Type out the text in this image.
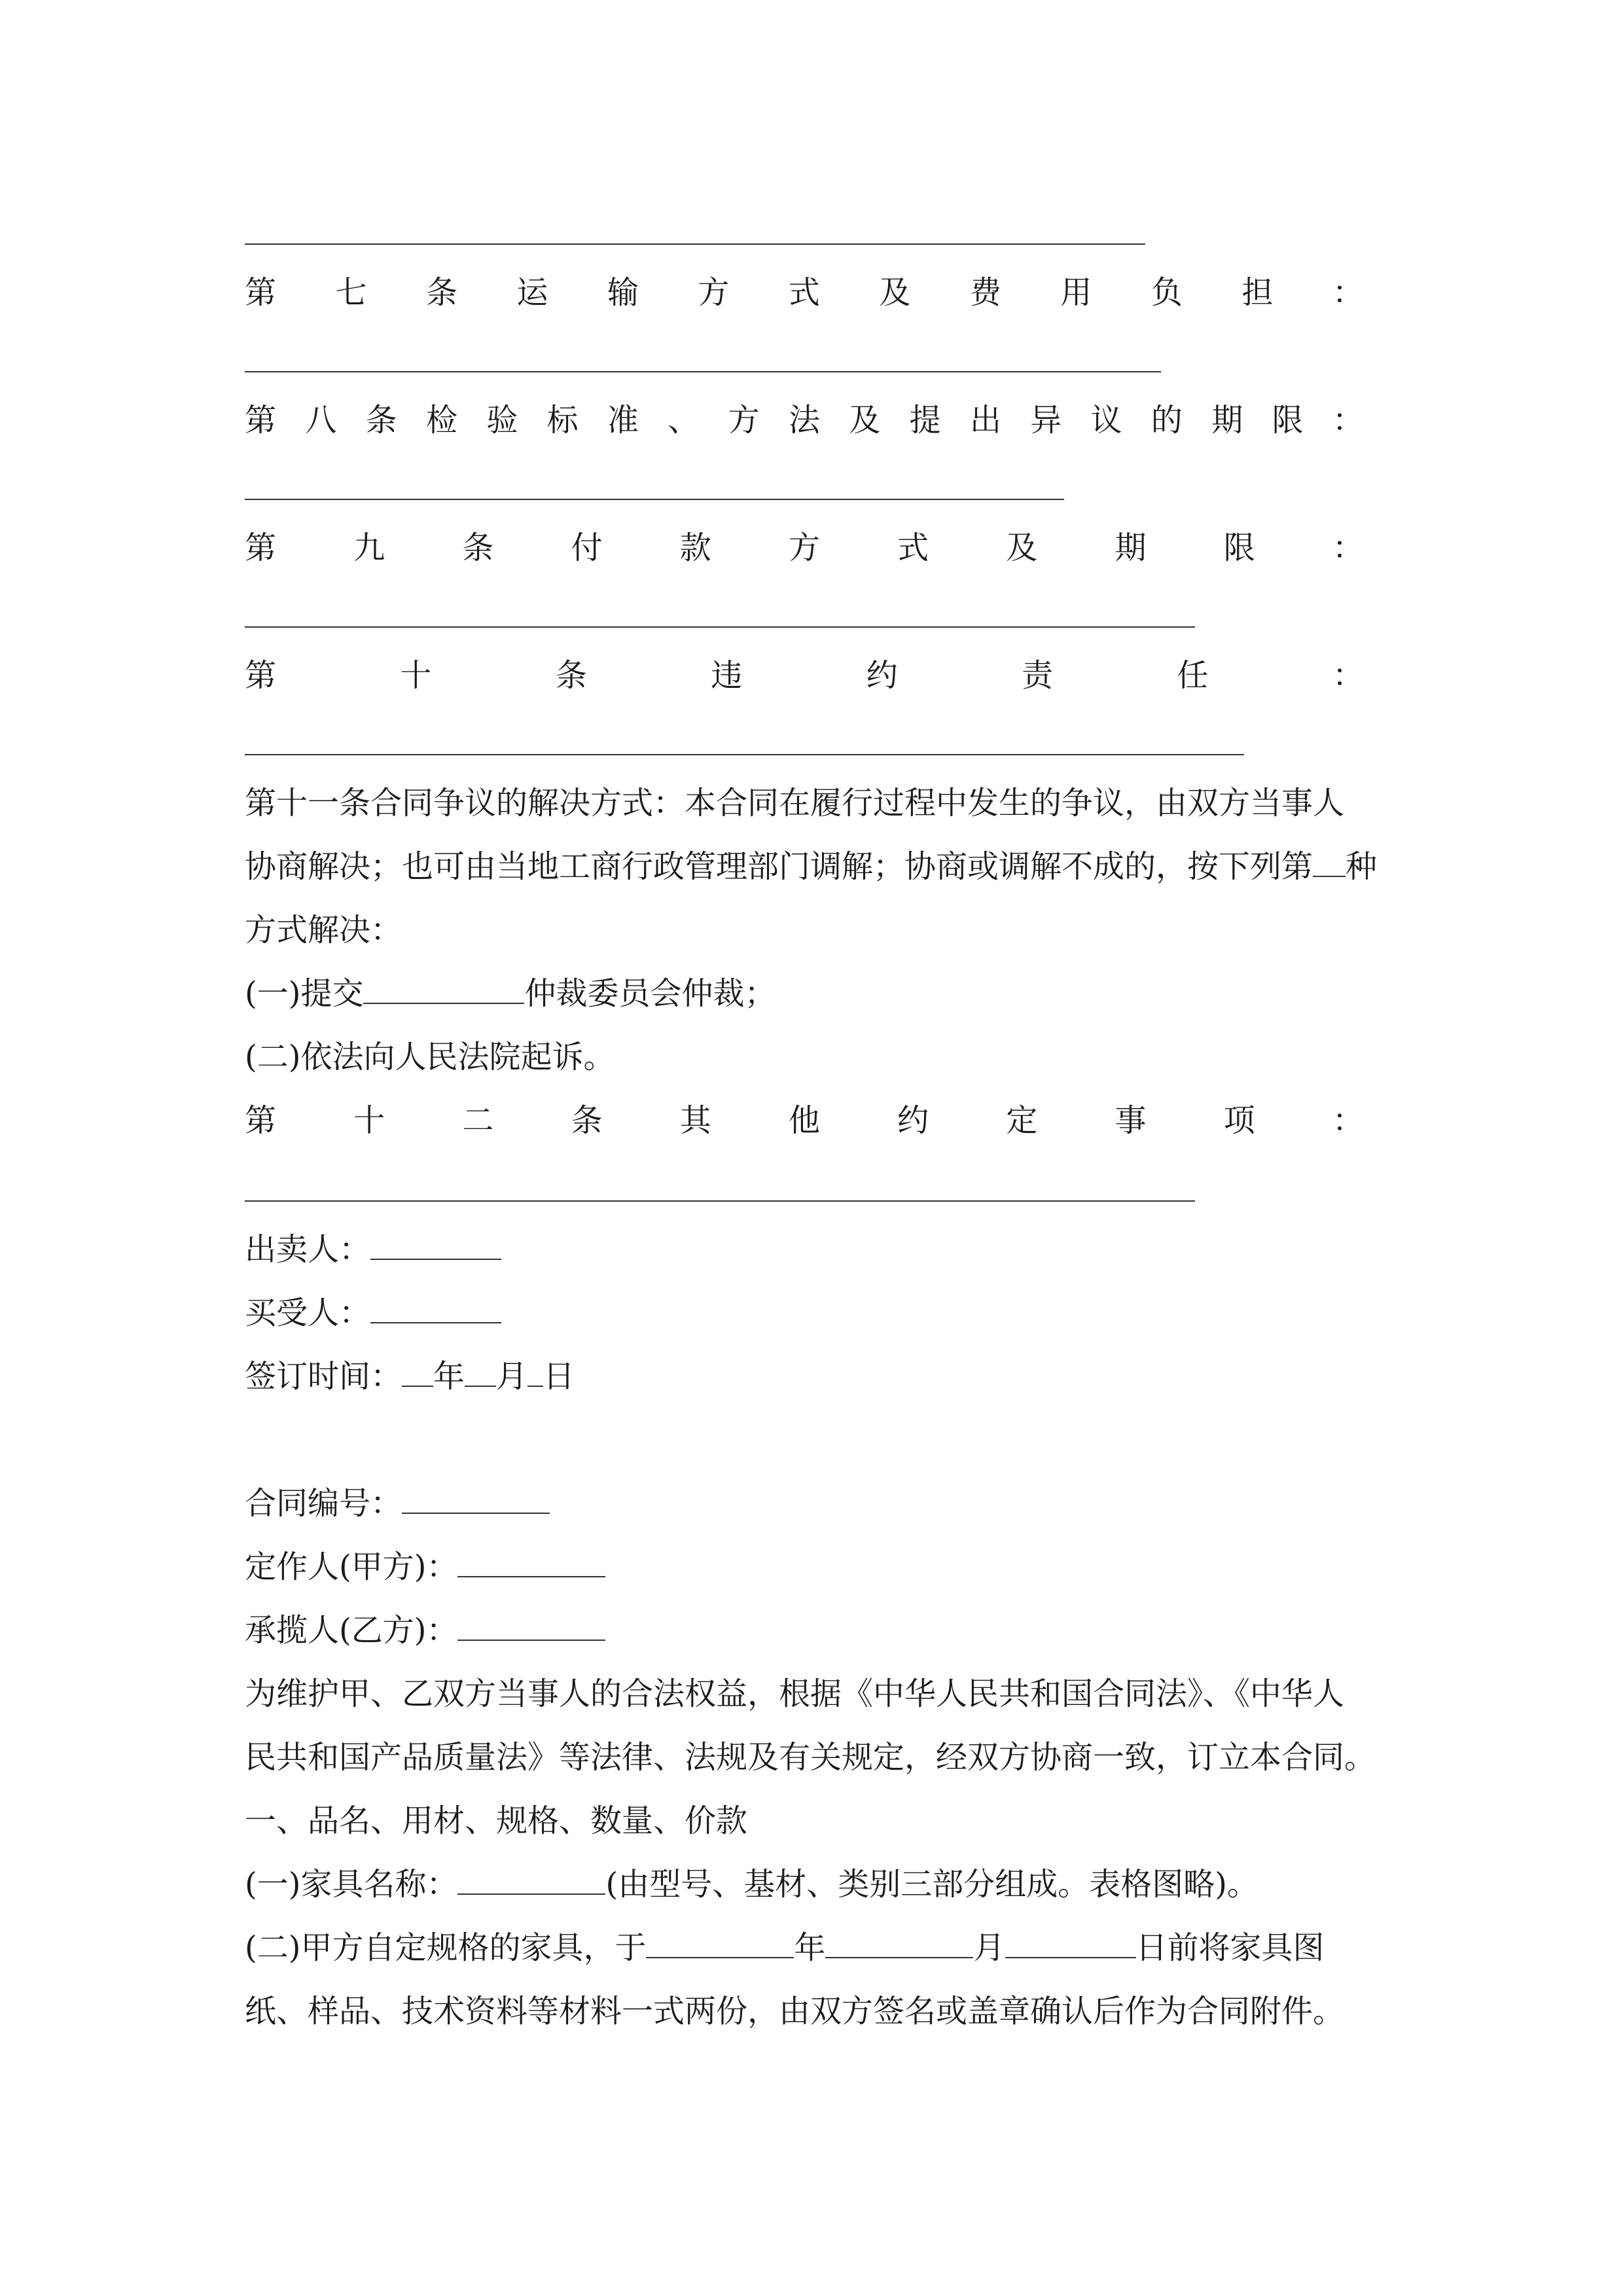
第 七 条 运 输 方 式 及 费 用 负 担 ：
第 八 条 检 验 标 准 、 方 法 及 提 出 异 议 的 期 限 ：
第 九 条 付 款 方 式 及 期 限 ：
第	十	条	违	约	责	任	：
第十一条合同争议的解决方式：本合同在履行过程中发生的争议，由双方当事人
协商解决；也可由当地工商行政管理部门调解；协商或调解不成的，按下列第 种
方式解决：
(一)提交	仲裁委员会仲裁；
(二)依法向人民法院起诉。
第 十 二 条 其 他 约 定 事 项 ：
出卖人：
买受人：
签订时间： 年 月 日
合同编号：
定作人(甲方)：
承揽人(乙方)：
为维护甲、乙双方当事人的合法权益，根据《中华人民共和国合同法》、《中华人
民共和国产品质量法》等法律、法规及有关规定，经双方协商一致，订立本合同。
一、品名、用材、规格、数量、价款
(一)家具名称：	(由型号、基材、类别三部分组成。表格图略)。
(二)甲方自定规格的家具，于	年	月	日前将家具图
纸、样品、技术资料等材料一式两份，由双方签名或盖章确认后作为合同附件。
